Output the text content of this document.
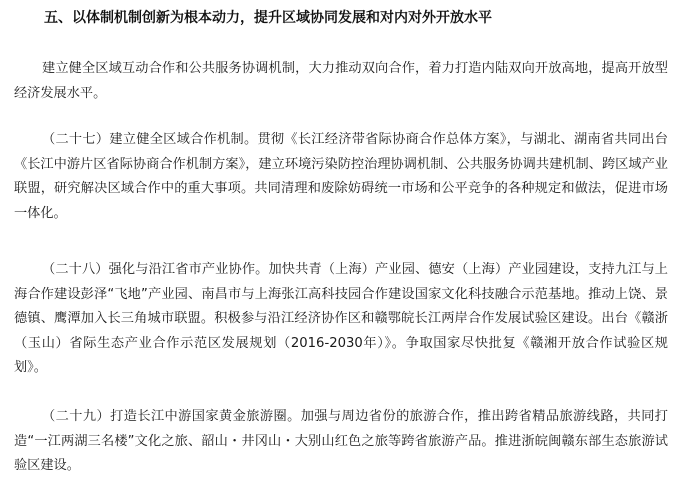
五、以体制机制创新为根本动力，提升区域协同发展和对内对外开放水平
建立健全区域互动合作和公共服务协调机制，大力推动双向合作，着力打造内陆双向开放高地，提高开放型经济发展水平。
（二十七）建立健全区域合作机制。贯彻《长江经济带省际协商合作总体方案》，与湖北、湖南省共同出台《长江中游片区省际协商合作机制方案》，建立环境污染防控治理协调机制、公共服务协调共建机制、跨区域产业联盟，研究解决区域合作中的重大事项。共同清理和废除妨碍统一市场和公平竞争的各种规定和做法，促进市场一体化。
（二十八）强化与沿江省市产业协作。加快共青（上海）产业园、德安（上海）产业园建设，支持九江与上海合作建设彭泽“飞地”产业园、南昌市与上海张江高科技园合作建设国家文化科技融合示范基地。推动上饶、景德镇、鹰潭加入长三角城市联盟。积极参与沿江经济协作区和赣鄂皖长江两岸合作发展试验区建设。出台《赣浙（玉山）省际生态产业合作示范区发展规划（2016-2030年）》。争取国家尽快批复《赣湘开放合作试验区规划》。
（二十九）打造长江中游国家黄金旅游圈。加强与周边省份的旅游合作，推出跨省精品旅游线路，共同打造“一江两湖三名楼”文化之旅、韶山・井冈山・大别山红色之旅等跨省旅游产品。推进浙皖闽赣东部生态旅游试验区建设。
